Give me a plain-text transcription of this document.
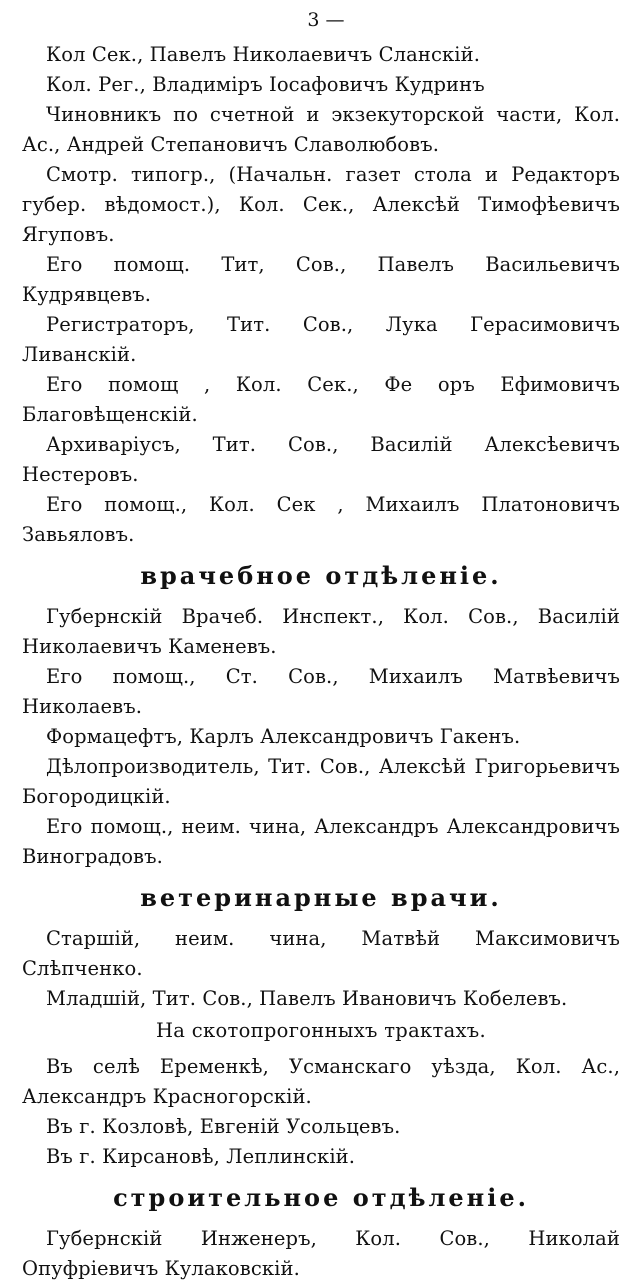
3 —
Кол Сек., Павелъ Николаевичъ Сланскій.
Кол. Рег., Владиміръ Іосафовичъ Кудринъ
Чиновникъ по счетной и экзекуторской части, Кол. Ас., Андрей Степановичъ Славолюбовъ.
Смотр. типогр., (Начальн. газет стола и Редакторъ губер. вѣдомост.), Кол. Сек., Алексѣй Тимофѣевичъ Ягуповъ.
Его помощ. Тит, Сов., Павелъ Васильевичъ Кудрявцевъ.
Регистраторъ, Тит. Сов., Лука Герасимовичъ Ливанскій.
Его помощ , Кол. Сек., Фе оръ Ефимовичъ Благовѣщенскій.
Архиваріусъ, Тит. Сов., Василій Алексѣевичъ Нестеровъ.
Его помощ., Кол. Сек , Михаилъ Платоновичъ Завьяловъ.
врачебное отдѣленіе.
Губернскій Врачеб. Инспект., Кол. Сов., Василій Николаевичъ Каменевъ.
Его помощ., Ст. Сов., Михаилъ Матвѣевичъ Николаевъ.
Формацефтъ, Карлъ Александровичъ Гакенъ.
Дѣлопроизводитель, Тит. Сов., Алексѣй Григорьевичъ Богородицкій.
Его помощ., неим. чина, Александръ Александровичъ Виноградовъ.
ветеринарные врачи.
Старшій, неим. чина, Матвѣй Максимовичъ Слѣпченко.
Младшій, Тит. Сов., Павелъ Ивановичъ Кобелевъ.
На скотопрогонныхъ трактахъ.
Въ селѣ Еременкѣ, Усманскаго уѣзда, Кол. Ас., Александръ Красногорскій.
Въ г. Козловѣ, Евгеній Усольцевъ.
Въ г. Кирсановѣ, Леплинскій.
строительное отдѣленіе.
Губернскій Инженеръ, Кол. Сов., Николай Опуфріевичъ Кулаковскій.
